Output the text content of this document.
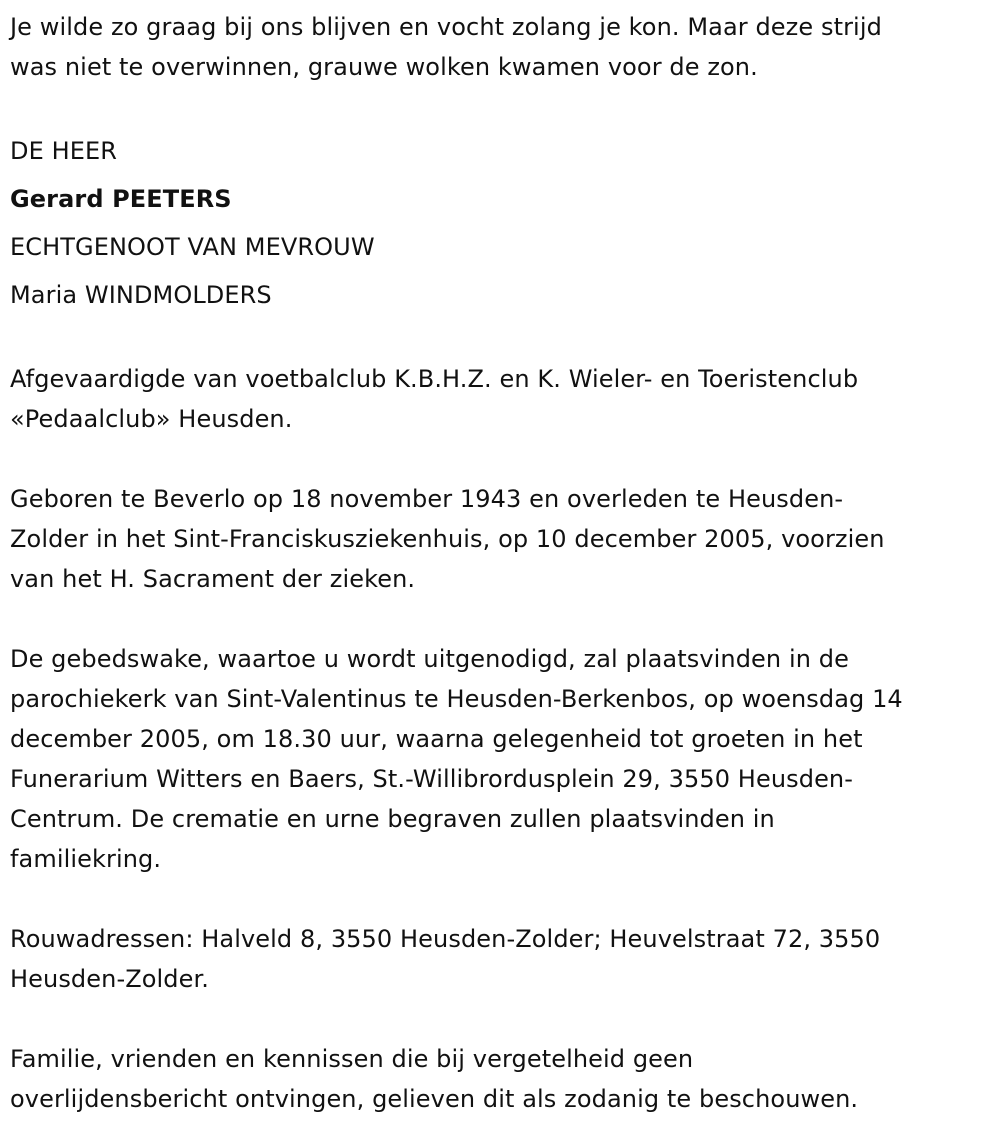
Je wilde zo graag bij ons blijven en vocht zolang je kon. Maar deze strijd

was niet te overwinnen, grauwe wolken kwamen voor de zon.

DE HEER

Gerard PEETERS

ECHTGENOOT VAN MEVROUW

Maria WINDMOLDERS

Afgevaardigde van voetbalclub K.B.H.Z. en K. Wieler- en Toeristenclub

«Pedaalclub» Heusden.

Geboren te Beverlo op 18 november 1943 en overleden te Heusden-

Zolder in het Sint-Franciskusziekenhuis, op 10 december 2005, voorzien

van het H. Sacrament der zieken.

De gebedswake, waartoe u wordt uitgenodigd, zal plaatsvinden in de

parochiekerk van Sint-Valentinus te Heusden-Berkenbos, op woensdag 14

december 2005, om 18.30 uur, waarna gelegenheid tot groeten in het

Funerarium Witters en Baers, St.-Willibrordusplein 29, 3550 Heusden-

Centrum. De crematie en urne begraven zullen plaatsvinden in

familiekring.

Rouwadressen: Halveld 8, 3550 Heusden-Zolder; Heuvelstraat 72, 3550

Heusden-Zolder.

Familie, vrienden en kennissen die bij vergetelheid geen

overlijdensbericht ontvingen, gelieven dit als zodanig te beschouwen.
